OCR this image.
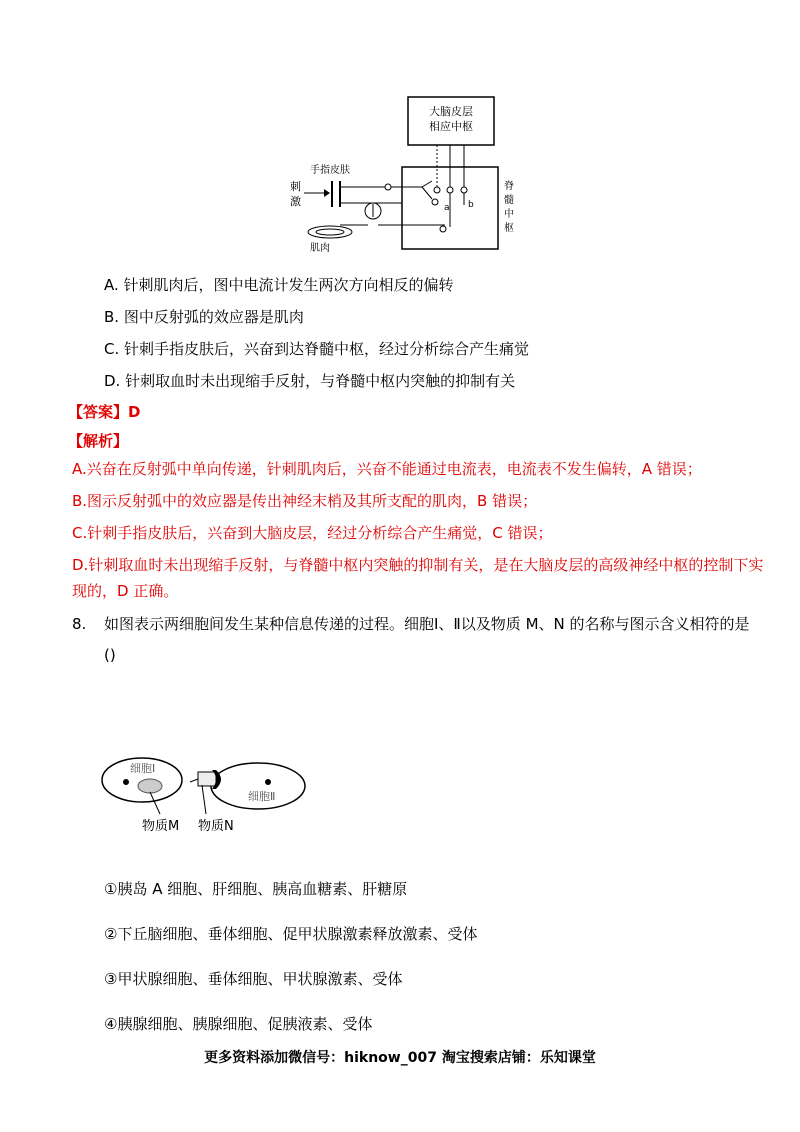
大脑皮层
相应中枢
手指皮肤
刺
激	a b
肌肉
脊
髓
中
枢
A. 针刺肌肉后，图中电流计发生两次方向相反的偏转
B. 图中反射弧的效应器是肌肉
C. 针刺手指皮肤后，兴奋到达脊髓中枢，经过分析综合产生痛觉
D. 针刺取血时未出现缩手反射，与脊髓中枢内突触的抑制有关
【答案】D
【解析】
A.兴奋在反射弧中单向传递，针刺肌肉后，兴奋不能通过电流表，电流表不发生偏转，A 错误；
B.图示反射弧中的效应器是传出神经末梢及其所支配的肌肉，B 错误；
C.针刺手指皮肤后，兴奋到大脑皮层，经过分析综合产生痛觉，C 错误；
D.针刺取血时未出现缩手反射，与脊髓中枢内突触的抑制有关，是在大脑皮层的高级神经中枢的控制下实
现的，D 正确。
8. 如图表示两细胞间发生某种信息传递的过程。细胞Ⅰ、Ⅱ以及物质 M、N 的名称与图示含义相符的是
()
细胞Ⅰ
细胞Ⅱ
物质M 物质N
①胰岛 A 细胞、肝细胞、胰高血糖素、肝糖原
②下丘脑细胞、垂体细胞、促甲状腺激素释放激素、受体
③甲状腺细胞、垂体细胞、甲状腺激素、受体
④胰腺细胞、胰腺细胞、促胰液素、受体
更多资料添加微信号：hiknow_007 淘宝搜索店铺：乐知课堂
